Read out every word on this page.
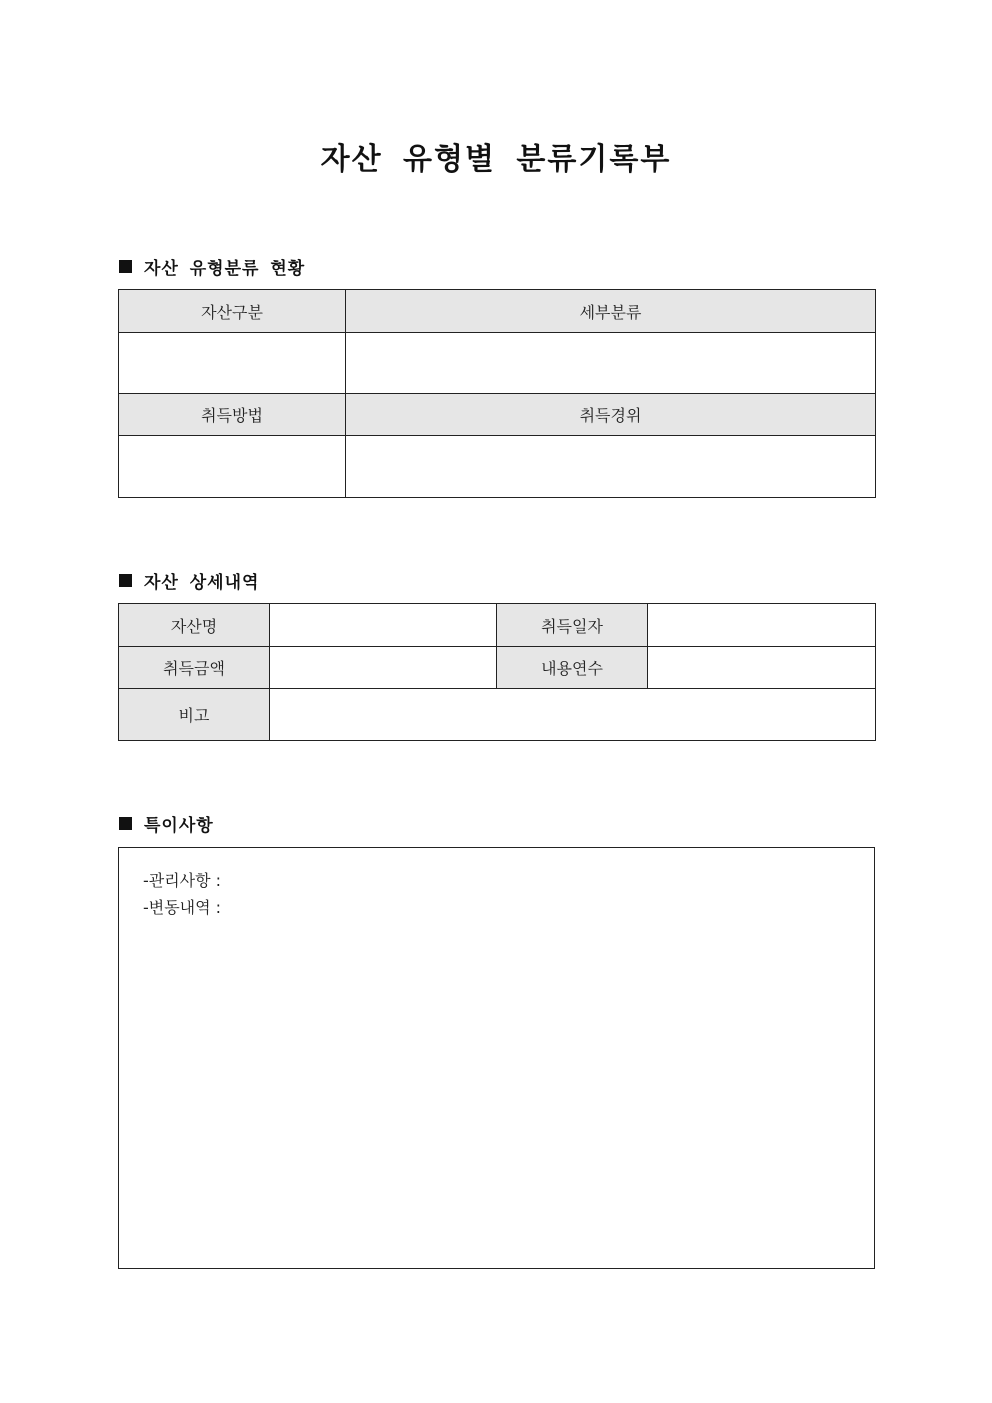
자산 유형별 분류기록부
자산 유형분류 현황
자산구분	세부분류

취득방법	취득경위

자산 상세내역
자산명		취득일자	
취득금액		내용연수	
비고			
특이사항
-관리사항 :
-변동내역 :
